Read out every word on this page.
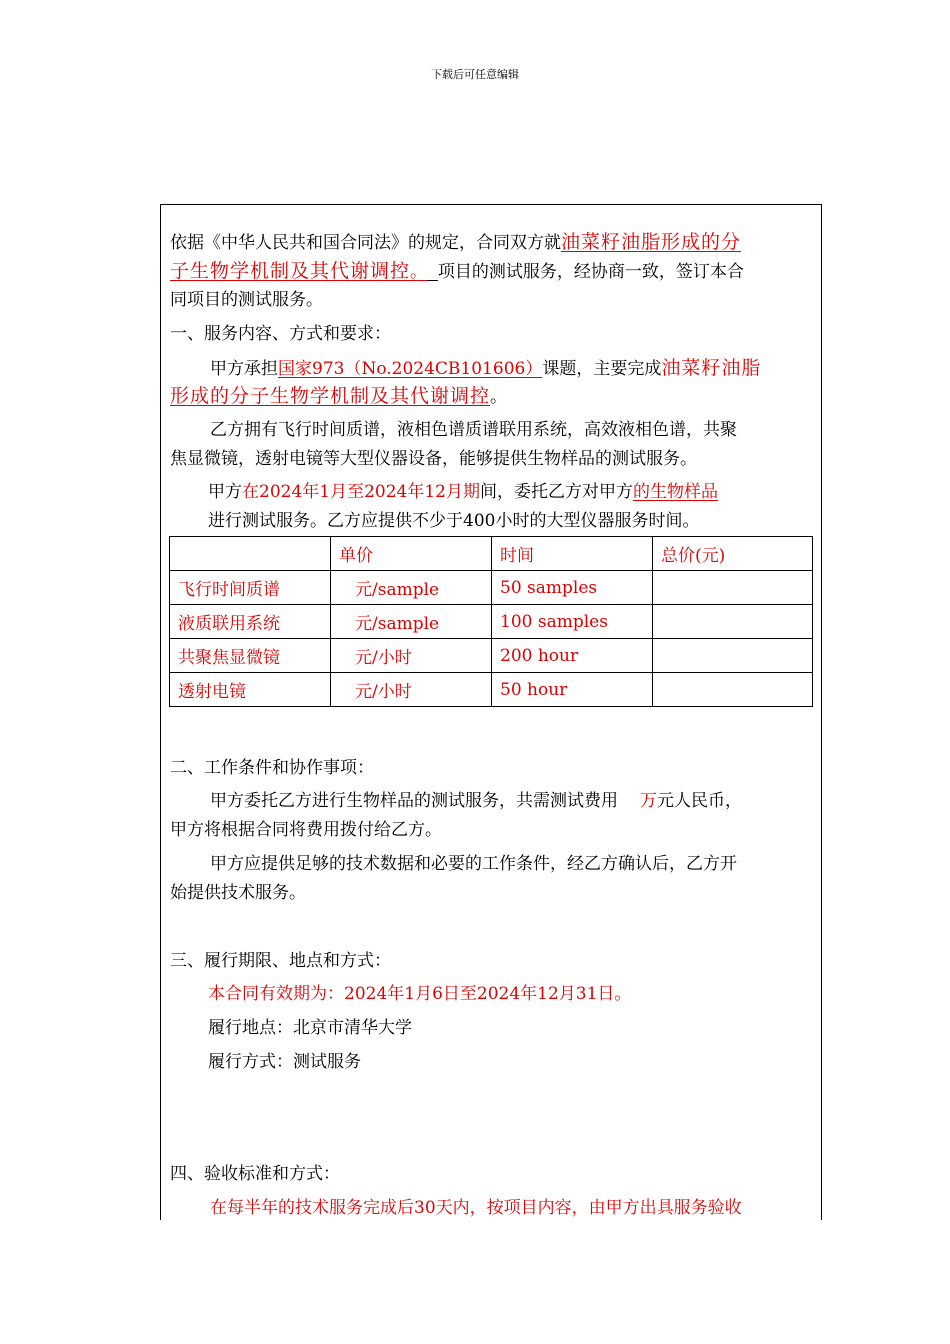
下载后可任意编辑
依据《中华人民共和国合同法》的规定，合同双方就油菜籽油脂形成的分
子生物学机制及其代谢调控。 项目的测试服务，经协商一致，签订本合
同项目的测试服务。
一、服务内容、方式和要求：
甲方承担国家973（No.2024CB101606）课题，主要完成油菜籽油脂
形成的分子生物学机制及其代谢调控。
乙方拥有飞行时间质谱，液相色谱质谱联用系统，高效液相色谱，共聚
焦显微镜，透射电镜等大型仪器设备，能够提供生物样品的测试服务。
甲方在2024年1月至2024年12月期间，委托乙方对甲方的生物样品
进行测试服务。乙方应提供不少于400小时的大型仪器服务时间。
	单价	时间	总价(元)
飞行时间质谱	元/sample	50 samples	
液质联用系统	元/sample	100 samples	
共聚焦显微镜	元/小时	200 hour	
透射电镜	元/小时	50 hour	
二、工作条件和协作事项：
甲方委托乙方进行生物样品的测试服务，共需测试费用 万元人民币，
甲方将根据合同将费用拨付给乙方。
甲方应提供足够的技术数据和必要的工作条件，经乙方确认后，乙方开
始提供技术服务。
三、履行期限、地点和方式：
本合同有效期为：2024年1月6日至2024年12月31日。
履行地点：北京市清华大学
履行方式：测试服务
四、验收标准和方式：
在每半年的技术服务完成后30天内，按项目内容，由甲方出具服务验收
